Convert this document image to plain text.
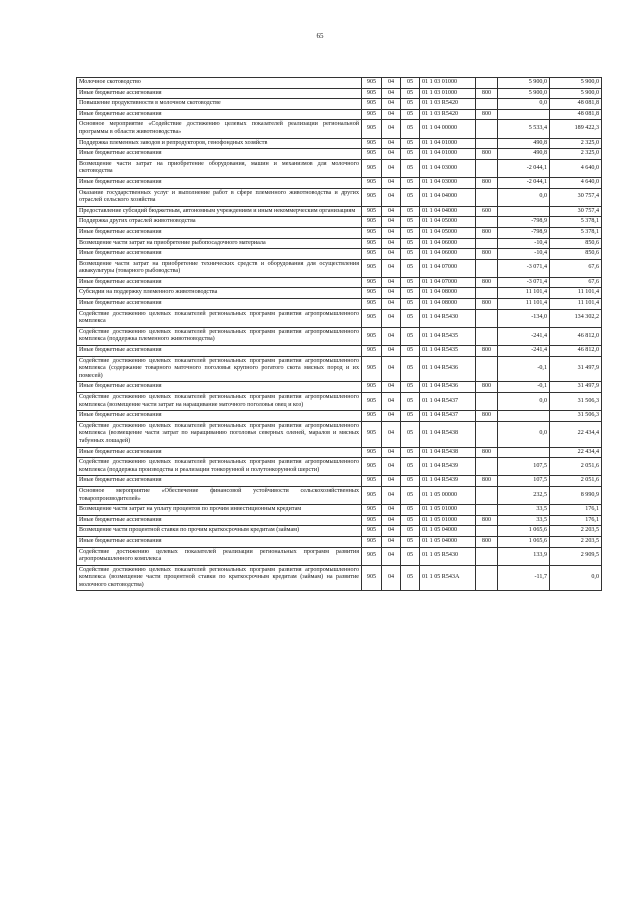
65
Молочное скотоводство	905	04	05	01 1 03 01000		5 900,0	5 900,0
Иные бюджетные ассигнования	905	04	05	01 1 03 01000	800	5 900,0	5 900,0
Повышение продуктивности в молочном скотоводстве	905	04	05	01 1 03 R5420		0,0	48 081,8
Иные бюджетные ассигнования	905	04	05	01 1 03 R5420	800		48 081,8
Основное мероприятие «Содействие достижению целевых показателей реализации региональной программы в области животноводства»	905	04	05	01 1 04 00000		5 533,4	189 422,3
Поддержка племенных заводов и репродукторов, генофондных хозяйств	905	04	05	01 1 04 01000		490,8	2 325,0
Иные бюджетные ассигнования	905	04	05	01 1 04 01000	800	490,8	2 325,0
Возмещение части затрат на приобретение оборудования, машин и механизмов для молочного скотоводства	905	04	05	01 1 04 03000		-2 044,1	4 640,0
Иные бюджетные ассигнования	905	04	05	01 1 04 03000	800	-2 044,1	4 640,0
Оказание государственных услуг и выполнение работ в сфере племенного животноводства и других отраслей сельского хозяйства	905	04	05	01 1 04 04000		0,0	30 757,4
Предоставление субсидий бюджетным, автономным учреждениям и иным некоммерческим организациям	905	04	05	01 1 04 04000	600		30 757,4
Поддержка других отраслей животноводства	905	04	05	01 1 04 05000		-798,9	5 378,1
Иные бюджетные ассигнования	905	04	05	01 1 04 05000	800	-798,9	5 378,1
Возмещение части затрат на приобретение рыбопосадочного материала	905	04	05	01 1 04 06000		-10,4	850,6
Иные бюджетные ассигнования	905	04	05	01 1 04 06000	800	-10,4	850,6
Возмещение части затрат на приобретение технических средств и оборудования для осуществления аквакультуры (товарного рыбоводства)	905	04	05	01 1 04 07000		-3 071,4	67,6
Иные бюджетные ассигнования	905	04	05	01 1 04 07000	800	-3 071,4	67,6
Субсидии на поддержку племенного животноводства	905	04	05	01 1 04 08000		11 101,4	11 101,4
Иные бюджетные ассигнования	905	04	05	01 1 04 08000	800	11 101,4	11 101,4
Содействие достижению целевых показателей региональных программ развития агропромышленного комплекса	905	04	05	01 1 04 R5430		-134,0	134 302,2
Содействие достижению целевых показателей региональных программ развития агропромышленного комплекса (поддержка племенного животноводства)	905	04	05	01 1 04 R5435		-241,4	46 812,0
Иные бюджетные ассигнования	905	04	05	01 1 04 R5435	800	-241,4	46 812,0
Содействие достижению целевых показателей региональных программ развития агропромышленного комплекса (содержание товарного маточного поголовья крупного рогатого скота мясных пород и их помесей)	905	04	05	01 1 04 R5436		-0,1	31 497,9
Иные бюджетные ассигнования	905	04	05	01 1 04 R5436	800	-0,1	31 497,9
Содействие достижению целевых показателей региональных программ развития агропромышленного комплекса (возмещение части затрат на наращивание маточного поголовья овец и коз)	905	04	05	01 1 04 R5437		0,0	31 506,3
Иные бюджетные ассигнования	905	04	05	01 1 04 R5437	800		31 506,3
Содействие достижению целевых показателей региональных программ развития агропромышленного комплекса (возмещение части затрат по наращиванию поголовья северных оленей, маралов и мясных табунных лошадей)	905	04	05	01 1 04 R5438		0,0	22 434,4
Иные бюджетные ассигнования	905	04	05	01 1 04 R5438	800		22 434,4
Содействие достижению целевых показателей региональных программ развития агропромышленного комплекса (поддержка производства и реализации тонкорунной и полутонкорунной шерсти)	905	04	05	01 1 04 R5439		107,5	2 051,6
Иные бюджетные ассигнования	905	04	05	01 1 04 R5439	800	107,5	2 051,6
Основное мероприятие «Обеспечение финансовой устойчивости сельскохозяйственных товаропроизводителей»	905	04	05	01 1 05 00000		232,5	8 990,9
Возмещение части затрат на уплату процентов по прочим инвестиционным кредитам	905	04	05	01 1 05 01000		33,5	176,1
Иные бюджетные ассигнования	905	04	05	01 1 05 01000	800	33,5	176,1
Возмещение части процентной ставки по прочим краткосрочным кредитам (займам)	905	04	05	01 1 05 04000		1 065,6	2 203,5
Иные бюджетные ассигнования	905	04	05	01 1 05 04000	800	1 065,6	2 203,5
Содействие достижению целевых показателей реализации региональных программ развития агропромышленного комплекса	905	04	05	01 1 05 R5430		133,9	2 909,5
Содействие достижению целевых показателей региональных программ развития агропромышленного комплекса (возмещение части процентной ставки по краткосрочным кредитам (займам) на развитие молочного скотоводства)	905	04	05	01 1 05 R543А		-11,7	0,0
